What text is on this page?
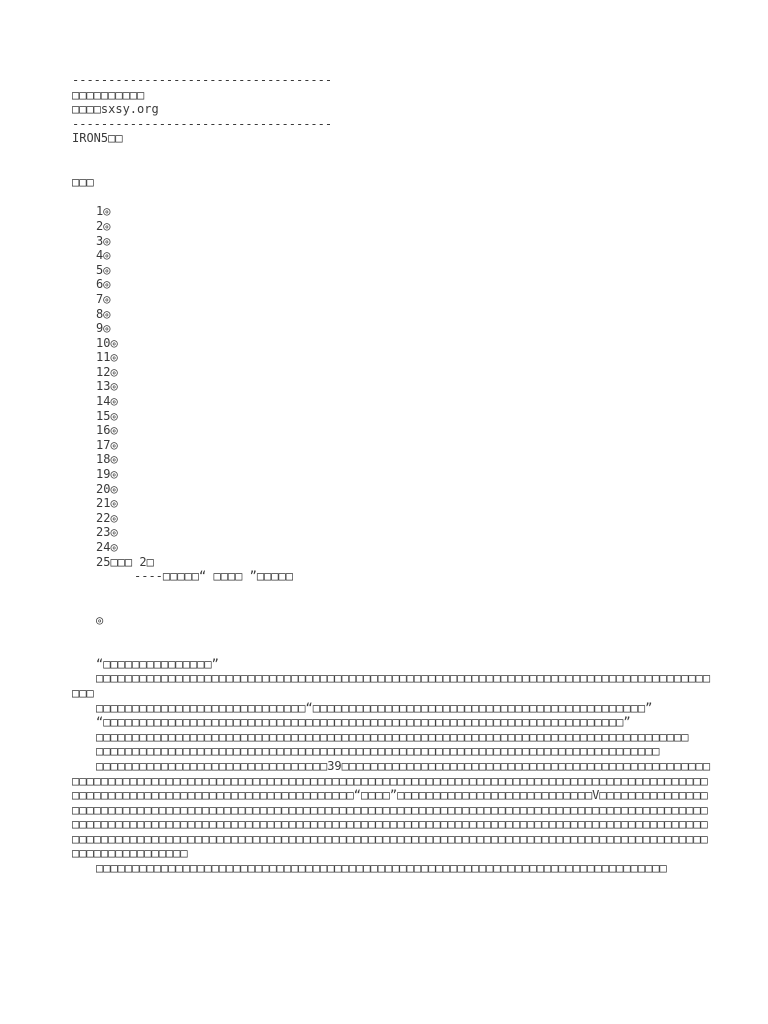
------------------------------------
□□□□□□□□□□
□□□□sxsy.org
------------------------------------
IRON5□□
□□□
1◎
2◎
3◎
4◎
5◎
6◎
7◎
8◎
9◎
10◎
11◎
12◎
13◎
14◎
15◎
16◎
17◎
18◎
19◎
20◎
21◎
22◎
23◎
24◎
25□□□ 2□
----□□□□□“ □□□□ ”□□□□□
◎
“□□□□□□□□□□□□□□□”
□□□□□□□□□□□□□□□□□□□□□□□□□□□□□□□□□□□□□□□□□□□□□□□□□□□□□□□□□□□□□□□□□□□□□□□□□□□□□□□□□□□□□□□□
□□□□□□□□□□□□□□□□□□□□□□□□□□□□□“□□□□□□□□□□□□□□□□□□□□□□□□□□□□□□□□□□□□□□□□□□□□□□”
“□□□□□□□□□□□□□□□□□□□□□□□□□□□□□□□□□□□□□□□□□□□□□□□□□□□□□□□□□□□□□□□□□□□□□□□□”
□□□□□□□□□□□□□□□□□□□□□□□□□□□□□□□□□□□□□□□□□□□□□□□□□□□□□□□□□□□□□□□□□□□□□□□□□□□□□□□□□□
□□□□□□□□□□□□□□□□□□□□□□□□□□□□□□□□□□□□□□□□□□□□□□□□□□□□□□□□□□□□□□□□□□□□□□□□□□□□□□
□□□□□□□□□□□□□□□□□□□□□□□□□□□□□□□□39□□□□□□□□□□□□□□□□□□□□□□□□□□□□□□□□□□□□□□□□□□□□□□□□□□□□□□□□□□□□□□□□□□□□□□□□□□□□□□□□□□□□□□□□□□□□□□□□□□□□□□□□□□□□□□□□□□□□□□□□□□□□□□□□□□□□□□□□□□□□□□□□□□□□□□□□□□□□□□□□□□□□□□□□□□□□□□□□□□“□□□□”□□□□□□□□□□□□□□□□□□□□□□□□□□□V□□□□□□□□□□□□□□□□□□□□□□□□□□□□□□□□□□□□□□□□□□□□□□□□□□□□□□□□□□□□□□□□□□□□□□□□□□□□□□□□□□□□□□□□□□□□□□□□□□□□□□□□□□□□□□□□□□□□□□□□□□□□□□□□□□□□□□□□□□□□□□□□□□□□□□□□□□□□□□□□□□□□□□□□□□□□□□□□□□□□□□□□□□□□□□□□□□□□□□□□□□□□□□□□□□□□□□□□□□□□□□□□□□□□□□□□□□□□□□□□□□□□□□□□□□□□□□□□□□□□□□□□□□□□□□□□□□□□□□□□□□□□□□□□□□□□□□□
□□□□□□□□□□□□□□□□□□□□□□□□□□□□□□□□□□□□□□□□□□□□□□□□□□□□□□□□□□□□□□□□□□□□□□□□□□□□□□□
